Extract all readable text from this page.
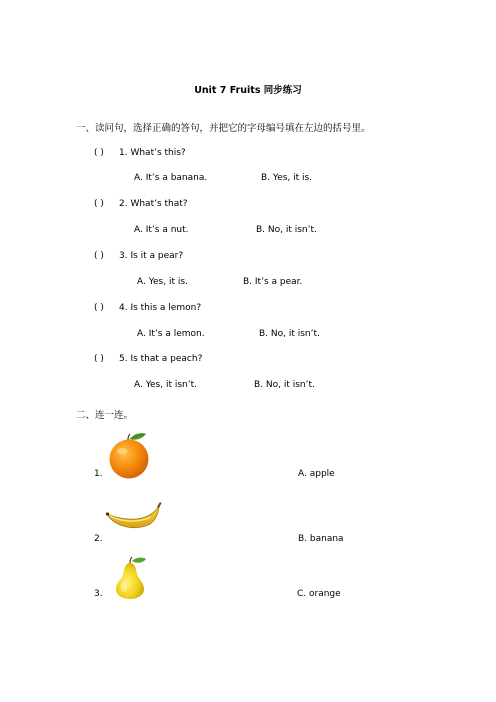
Unit 7 Fruits 同步练习
一、读问句，选择正确的答句，并把它的字母编号填在左边的括号里。
( ) 1. What’s this?
A. It’s a banana.	B. Yes, it is.
( ) 2. What’s that?
A. It’s a nut.	B. No, it isn’t.
( ) 3. Is it a pear?
A. Yes, it is.	B. It’s a pear.
( ) 4. Is this a lemon?
A. It’s a lemon.	B. No, it isn’t.
( ) 5. Is that a peach?
A. Yes, it isn’t.	B. No, it isn’t.
二、连一连。
1.	A. apple
2.	B. banana
3.	C. orange
